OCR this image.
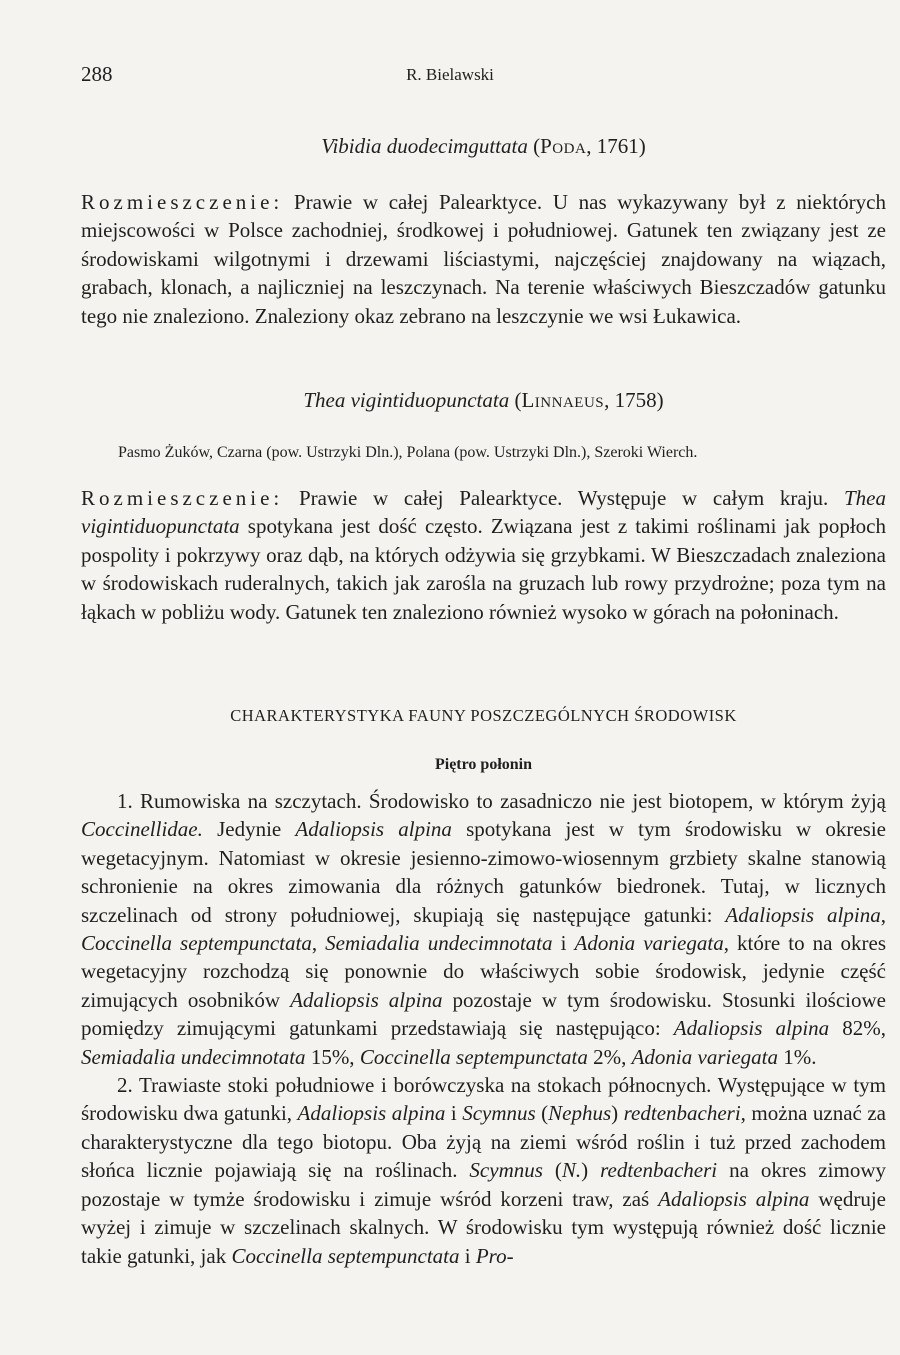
288	R. Bielawski
Vibidia duodecimguttata (Poda, 1761)

Rozmieszczenie: Prawie w całej Palearktyce. U nas wykazywany był z niektórych miejscowości w Polsce zachodniej, środkowej i południowej. Gatunek ten związany jest ze środowiskami wilgotnymi i drzewami liściastymi, najczęściej znajdowany na wiązach, grabach, klonach, a najliczniej na leszczynach. Na terenie właściwych Bieszczadów gatunku tego nie znaleziono. Znaleziony okaz zebrano na leszczynie we wsi Łukawica.

Thea vigintiduopunctata (Linnaeus, 1758)
Pasmo Żuków, Czarna (pow. Ustrzyki Dln.), Polana (pow. Ustrzyki Dln.), Szeroki Wierch.

Rozmieszczenie: Prawie w całej Palearktyce. Występuje w całym kraju. Thea vigintiduopunctata spotykana jest dość często. Związana jest z takimi roślinami jak popłoch pospolity i pokrzywy oraz dąb, na których odżywia się grzybkami. W Bieszczadach znaleziona w środowiskach ruderalnych, takich jak zarośla na gruzach lub rowy przydrożne; poza tym na łąkach w pobliżu wody. Gatunek ten znaleziono również wysoko w górach na połoninach.

CHARAKTERYSTYKA FAUNY POSZCZEGÓLNYCH ŚRODOWISK
Piętro połonin

1. Rumowiska na szczytach. Środowisko to zasadniczo nie jest biotopem, w którym żyją Coccinellidae. Jedynie Adaliopsis alpina spotykana jest w tym środowisku w okresie wegetacyjnym. Natomiast w okresie jesienno-zimowo-wiosennym grzbiety skalne stanowią schronienie na okres zimowania dla różnych gatunków biedronek. Tutaj, w licznych szczelinach od strony południowej, skupiają się następujące gatunki: Adaliopsis alpina, Coccinella septempunctata, Semiadalia undecimnotata i Adonia variegata, które to na okres wegetacyjny rozchodzą się ponownie do właściwych sobie środowisk, jedynie część zimujących osobników Adaliopsis alpina pozostaje w tym środowisku. Stosunki ilościowe pomiędzy zimującymi gatunkami przedstawiają się następująco: Adaliopsis alpina 82%, Semiadalia undecimnotata 15%, Coccinella septempunctata 2%, Adonia variegata 1%.

2. Trawiaste stoki południowe i borówczyska na stokach północnych. Występujące w tym środowisku dwa gatunki, Adaliopsis alpina i Scymnus (Nephus) redtenbacheri, można uznać za charakterystyczne dla tego biotopu. Oba żyją na ziemi wśród roślin i tuż przed zachodem słońca licznie pojawiają się na roślinach. Scymnus (N.) redtenbacheri na okres zimowy pozostaje w tymże środowisku i zimuje wśród korzeni traw, zaś Adaliopsis alpina wędruje wyżej i zimuje w szczelinach skalnych. W środowisku tym występują również dość licznie takie gatunki, jak Coccinella septempunctata i Pro-
